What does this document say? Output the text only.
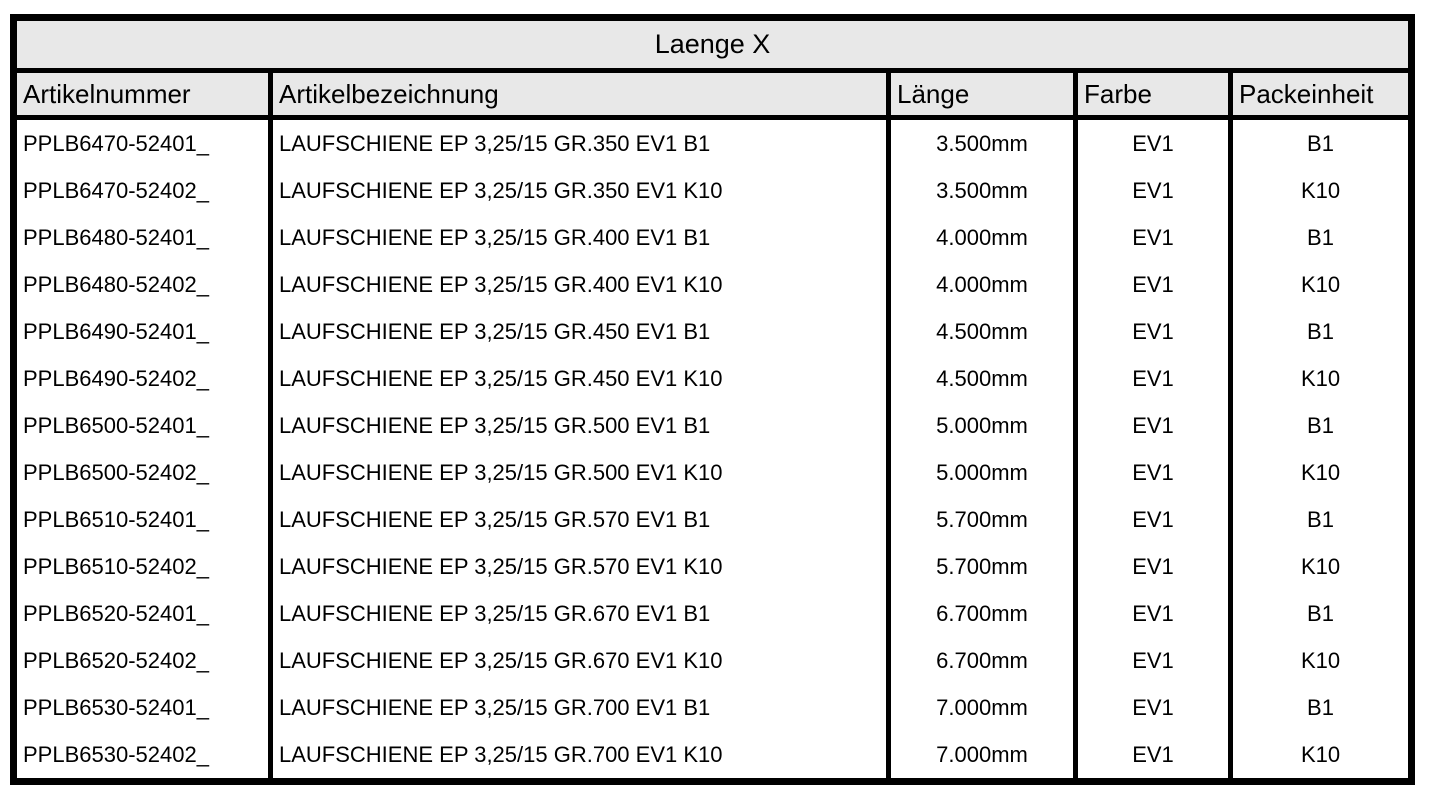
Laenge X				
Artikelnummer	Artikelbezeichnung	Länge	Farbe	Packeinheit
PPLB6470-52401_	LAUFSCHIENE EP 3,25/15 GR.350 EV1 B1	3.500mm	EV1	B1
PPLB6470-52402_	LAUFSCHIENE EP 3,25/15 GR.350 EV1 K10	3.500mm	EV1	K10
PPLB6480-52401_	LAUFSCHIENE EP 3,25/15 GR.400 EV1 B1	4.000mm	EV1	B1
PPLB6480-52402_	LAUFSCHIENE EP 3,25/15 GR.400 EV1 K10	4.000mm	EV1	K10
PPLB6490-52401_	LAUFSCHIENE EP 3,25/15 GR.450 EV1 B1	4.500mm	EV1	B1
PPLB6490-52402_	LAUFSCHIENE EP 3,25/15 GR.450 EV1 K10	4.500mm	EV1	K10
PPLB6500-52401_	LAUFSCHIENE EP 3,25/15 GR.500 EV1 B1	5.000mm	EV1	B1
PPLB6500-52402_	LAUFSCHIENE EP 3,25/15 GR.500 EV1 K10	5.000mm	EV1	K10
PPLB6510-52401_	LAUFSCHIENE EP 3,25/15 GR.570 EV1 B1	5.700mm	EV1	B1
PPLB6510-52402_	LAUFSCHIENE EP 3,25/15 GR.570 EV1 K10	5.700mm	EV1	K10
PPLB6520-52401_	LAUFSCHIENE EP 3,25/15 GR.670 EV1 B1	6.700mm	EV1	B1
PPLB6520-52402_	LAUFSCHIENE EP 3,25/15 GR.670 EV1 K10	6.700mm	EV1	K10
PPLB6530-52401_	LAUFSCHIENE EP 3,25/15 GR.700 EV1 B1	7.000mm	EV1	B1
PPLB6530-52402_	LAUFSCHIENE EP 3,25/15 GR.700 EV1 K10	7.000mm	EV1	K10
